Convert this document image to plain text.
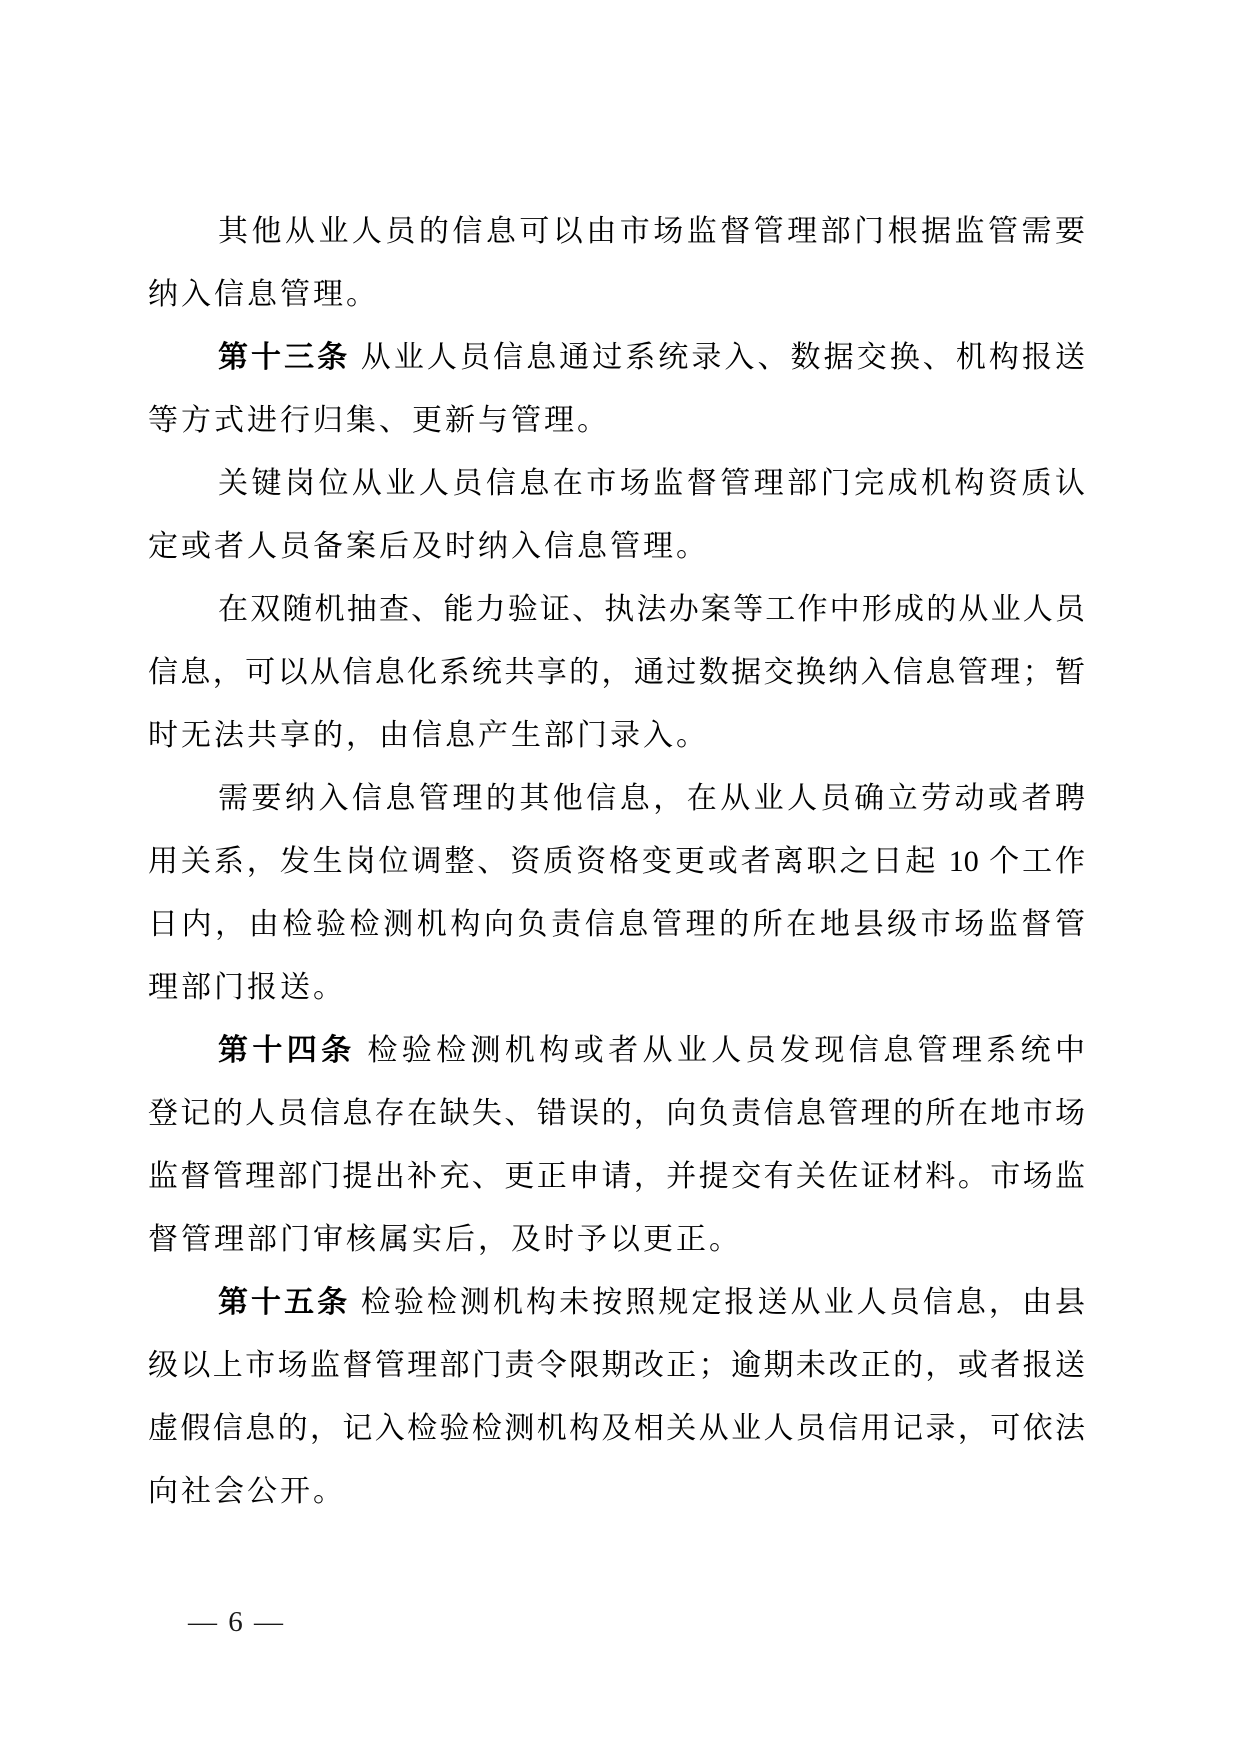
其他从业人员的信息可以由市场监督管理部门根据监管需要
纳入信息管理。
第十三条 从业人员信息通过系统录入、数据交换、机构报送
等方式进行归集、更新与管理。
关键岗位从业人员信息在市场监督管理部门完成机构资质认
定或者人员备案后及时纳入信息管理。
在双随机抽查、能力验证、执法办案等工作中形成的从业人员
信息，可以从信息化系统共享的，通过数据交换纳入信息管理；暂
时无法共享的，由信息产生部门录入。
需要纳入信息管理的其他信息，在从业人员确立劳动或者聘
用关系，发生岗位调整、资质资格变更或者离职之日起 10 个工作
日内，由检验检测机构向负责信息管理的所在地县级市场监督管
理部门报送。
第十四条 检验检测机构或者从业人员发现信息管理系统中
登记的人员信息存在缺失、错误的，向负责信息管理的所在地市场
监督管理部门提出补充、更正申请，并提交有关佐证材料。市场监
督管理部门审核属实后，及时予以更正。
第十五条 检验检测机构未按照规定报送从业人员信息，由县
级以上市场监督管理部门责令限期改正；逾期未改正的，或者报送
虚假信息的，记入检验检测机构及相关从业人员信用记录，可依法
向社会公开。
— 6 —
